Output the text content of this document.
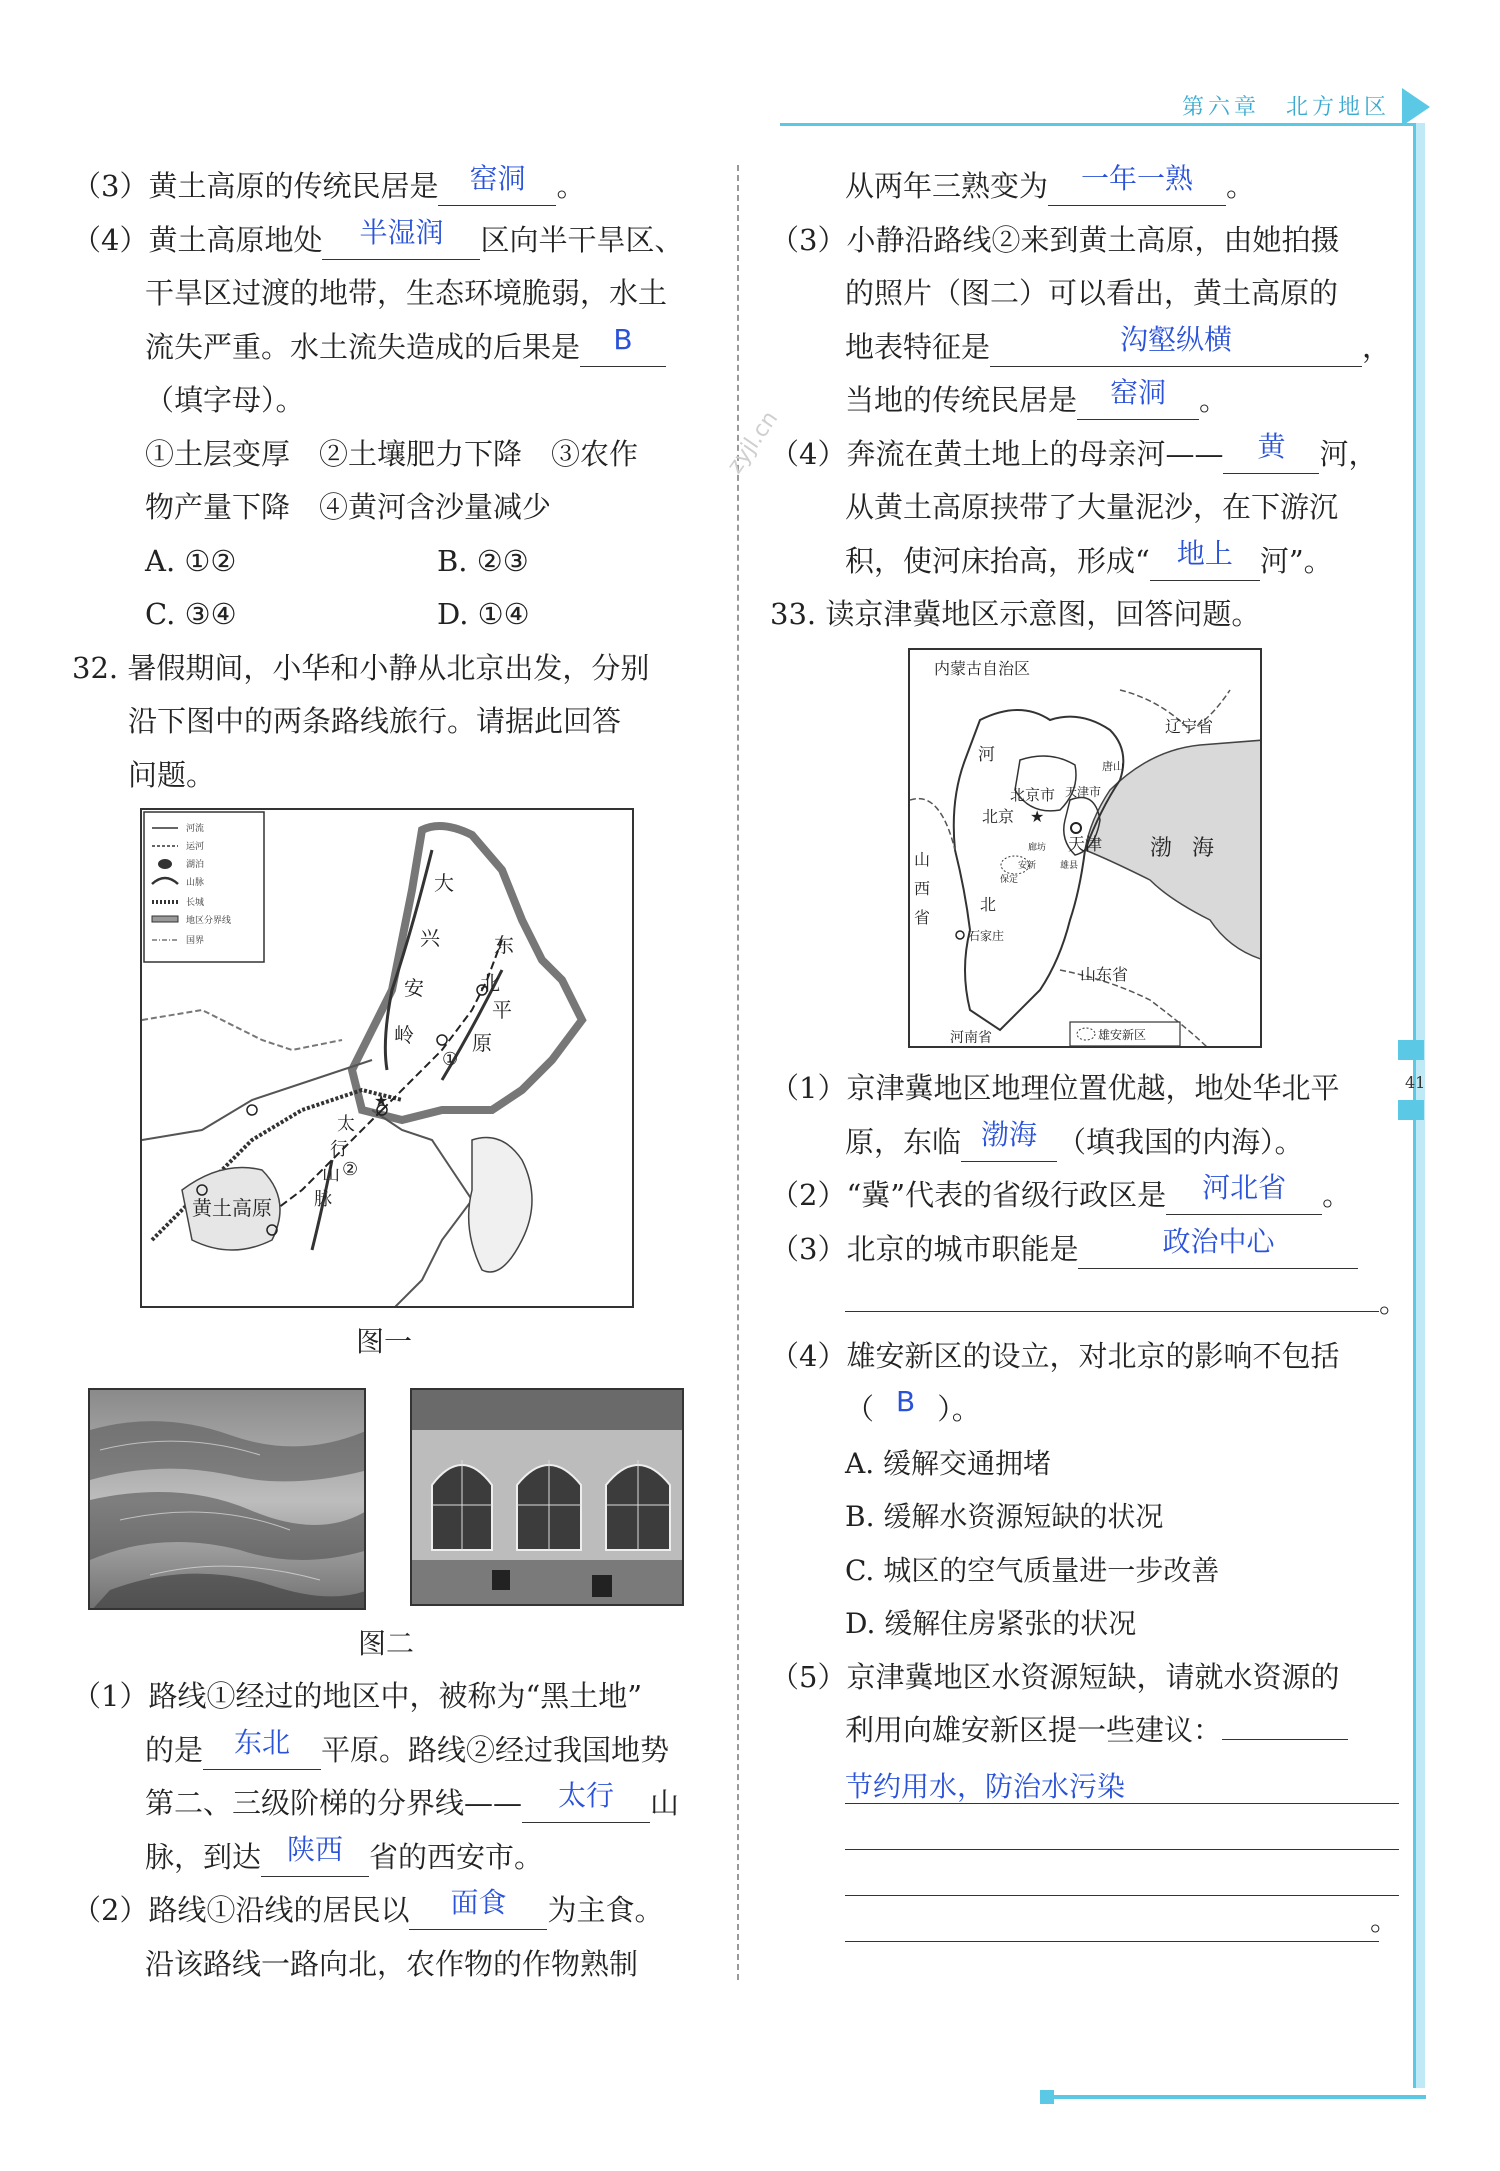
第六章　北方地区
41
zyjl.cn
（3）黄土高原的传统民居是 窑洞 。
（4）黄土高原地处 半湿润 区向半干旱区、
干旱区过渡的地带，生态环境脆弱，水土
流失严重。水土流失造成的后果是 B
（填字母）。
①土层变厚　②土壤肥力下降　③农作
物产量下降　④黄河含沙量减少
A. ①②	B. ②③
C. ③④	D. ①④
32. 暑假期间，小华和小静从北京出发，分别
沿下图中的两条路线旅行。请据此回答
问题。
河流
运河
湖泊
山脉
长城
地区分界线
国界
大
兴
安
岭
东
北
平
原
黄土高原
太
行
山
脉
①
②
★
图一
图二
（1）路线①经过的地区中，被称为“黑土地”
的是 东北 平原。路线②经过我国地势
第二、三级阶梯的分界线—— 太行 山
脉，到达 陕西 省的西安市。
（2）路线①沿线的居民以 面食 为主食。
沿该路线一路向北，农作物的作物熟制
从两年三熟变为 一年一熟 。
（3）小静沿路线②来到黄土高原，由她拍摄
的照片（图二）可以看出，黄土高原的
地表特征是	沟壑纵横	，
当地的传统民居是 窑洞 。
（4）奔流在黄土地上的母亲河—— 黄 河，
从黄土高原挟带了大量泥沙，在下游沉
积，使河床抬高，形成“ 地上 河”。
33. 读京津冀地区示意图，回答问题。
内蒙古自治区
辽宁省
河
北京市
北京
天津
天津市
渤 海
山
西
省
北
石家庄
山东省
河南省	雄安新区
唐山
廊坊
保定
安新	雄县
★
（1）京津冀地区地理位置优越，地处华北平
原，东临 渤海 （填我国的内海）。
（2）“冀”代表的省级行政区是 河北省 。
（3）北京的城市职能是	政治中心
。
（4）雄安新区的设立，对北京的影响不包括
（ B ）。
A. 缓解交通拥堵
B. 缓解水资源短缺的状况
C. 城区的空气质量进一步改善
D. 缓解住房紧张的状况
（5）京津冀地区水资源短缺，请就水资源的
利用向雄安新区提一些建议：
节约用水，防治水污染
。
